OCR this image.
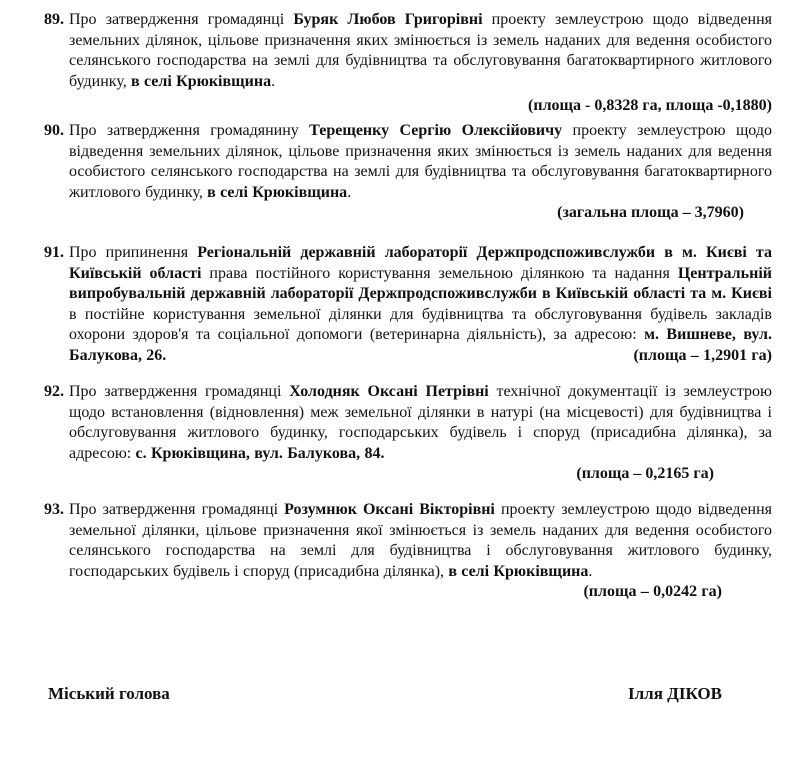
89. Про затвердження громадянці Буряк Любов Григорівні проекту землеустрою щодо відведення земельних ділянок, цільове призначення яких змінюється із земель наданих для ведення особистого селянського господарства на землі для будівництва та обслуговування багатоквартирного житлового будинку, в селі Крюківщина.

(площа - 0,8328 га, площа -0,1880)
90. Про затвердження громадянину Терещенку Сергію Олексійовичу проекту землеустрою щодо відведення земельних ділянок, цільове призначення яких змінюється із земель наданих для ведення особистого селянського господарства на землі для будівництва та обслуговування багатоквартирного житлового будинку, в селі Крюківщина.

(загальна площа – 3,7960)
91. Про припинення Регіональній державній лабораторії Держпродспоживслужби в м. Києві та Київській області права постійного користування земельною ділянкою та надання Центральній випробувальній державній лабораторії Держпродспоживслужби в Київській області та м. Києві в постійне користування земельної ділянки для будівництва та обслуговування будівель закладів охорони здоров'я та соціальної допомоги (ветеринарна діяльність), за адресою: м. Вишневе, вул. Балукова, 26.	(площа – 1,2901 га)

92. Про затвердження громадянці Холодняк Оксані Петрівні технічної документації із землеустрою щодо встановлення (відновлення) меж земельної ділянки в натурі (на місцевості) для будівництва і обслуговування житлового будинку, господарських будівель і споруд (присадибна ділянка), за адресою: с. Крюківщина, вул. Балукова, 84.

(площа – 0,2165 га)
93. Про затвердження громадянці Розумнюк Оксані Вікторівні проекту землеустрою щодо відведення земельної ділянки, цільове призначення якої змінюється із земель наданих для ведення особистого селянського господарства на землі для будівництва і обслуговування житлового будинку, господарських будівель і споруд (присадибна ділянка), в селі Крюківщина.
(площа – 0,0242 га)

Міський голова	Ілля ДІКОВ
